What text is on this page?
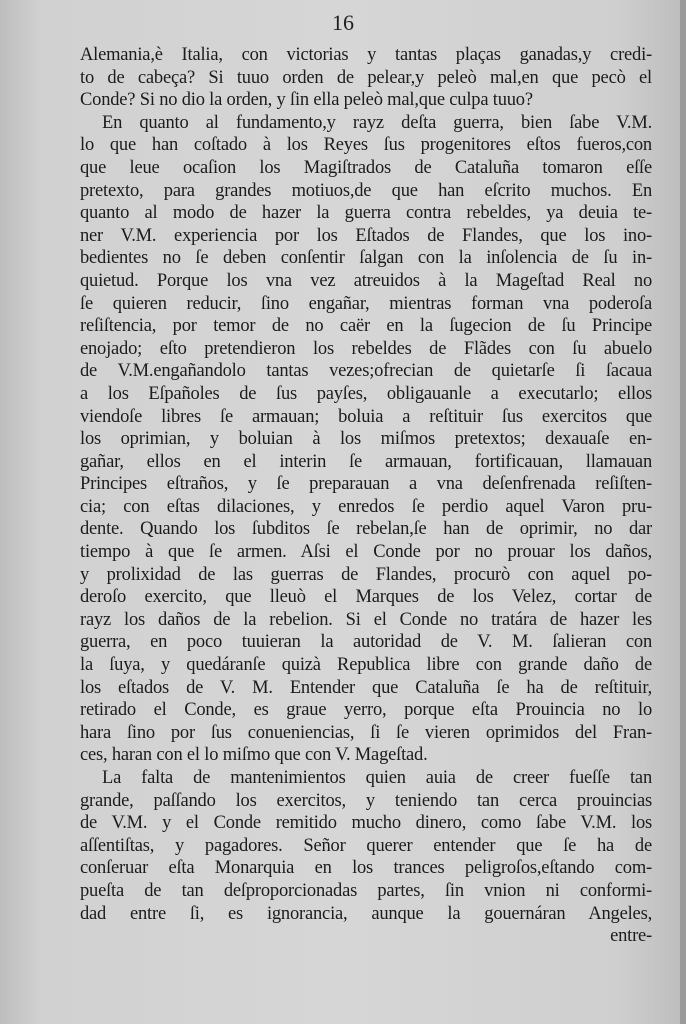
16
Alemania,è Italia, con victorias y tantas plaças ganadas,y credi-
to de cabeça? Si tuuo orden de pelear,y peleò mal,en que pecò el
Conde? Si no dio la orden, y ſin ella peleò mal,que culpa tuuo?
En quanto al fundamento,y rayz deſta guerra, bien ſabe V.M.
lo que han coſtado à los Reyes ſus progenitores eſtos fueros,con
que leue ocaſion los Magiſtrados de Cataluña tomaron eſſe
pretexto, para grandes motiuos,de que han eſcrito muchos. En
quanto al modo de hazer la guerra contra rebeldes, ya deuia te-
ner V.M. experiencia por los Eſtados de Flandes, que los ino-
bedientes no ſe deben conſentir ſalgan con la inſolencia de ſu in-
quietud. Porque los vna vez atreuidos à la Mageſtad Real no
ſe quieren reducir, ſino engañar, mientras forman vna poderoſa
reſiſtencia, por temor de no caër en la ſugecion de ſu Principe
enojado; eſto pretendieron los rebeldes de Flãdes con ſu abuelo
de V.M.engañandolo tantas vezes;ofrecian de quietarſe ſi ſacaua
a los Eſpañoles de ſus payſes, obligauanle a executarlo; ellos
viendoſe libres ſe armauan; boluia a reſtituir ſus exercitos que
los oprimian, y boluian à los miſmos pretextos; dexauaſe en-
gañar, ellos en el interin ſe armauan, fortificauan, llamauan
Principes eſtraños, y ſe preparauan a vna deſenfrenada reſiſten-
cia; con eſtas dilaciones, y enredos ſe perdio aquel Varon pru-
dente. Quando los ſubditos ſe rebelan,ſe han de oprimir, no dar
tiempo à que ſe armen. Aſsi el Conde por no prouar los daños,
y prolixidad de las guerras de Flandes, procurò con aquel po-
deroſo exercito, que lleuò el Marques de los Velez, cortar de
rayz los daños de la rebelion. Si el Conde no tratára de hazer les
guerra, en poco tuuieran la autoridad de V. M. ſalieran con
la ſuya, y quedáranſe quizà Republica libre con grande daño de
los eſtados de V. M. Entender que Cataluña ſe ha de reſtituir,
retirado el Conde, es graue yerro, porque eſta Prouincia no lo
hara ſino por ſus conueniencias, ſi ſe vieren oprimidos del Fran-
ces, haran con el lo miſmo que con V. Mageſtad.
La falta de mantenimientos quien auia de creer fueſſe tan
grande, paſſando los exercitos, y teniendo tan cerca prouincias
de V.M. y el Conde remitido mucho dinero, como ſabe V.M. los
aſſentiſtas, y pagadores. Señor querer entender que ſe ha de
conſeruar eſta Monarquia en los trances peligroſos,eſtando com-
pueſta de tan deſproporcionadas partes, ſin vnion ni conformi-
dad entre ſi, es ignorancia, aunque la gouernáran Angeles,
entre-
